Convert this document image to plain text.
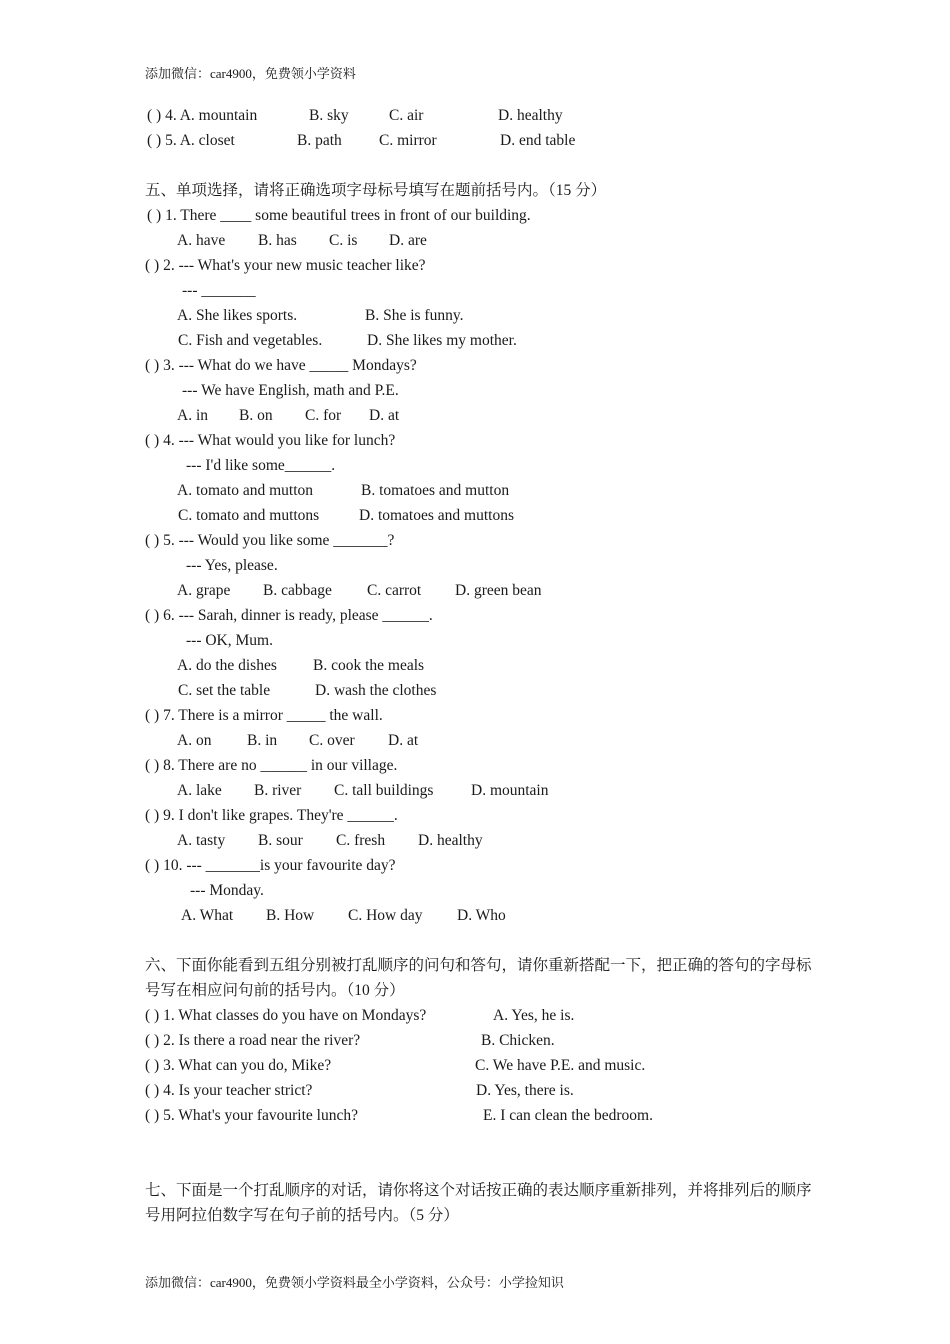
添加微信：car4900，免费领小学资料
( ) 4. A. mountain	B. sky	C. air	D. healthy
( ) 5. A. closet	B. path C. mirror	D. end table
五、单项选择，请将正确选项字母标号填写在题前括号内。（15 分）
( ) 1. There ____ some beautiful trees in front of our building.
A. have B. has C. is D. are
( ) 2. --- What's your new music teacher like?
--- _______
A. She likes sports.	B. She is funny.
C. Fish and vegetables.	D. She likes my mother.
( ) 3. --- What do we have _____ Mondays?
--- We have English, math and P.E.
A. in B. on C. for D. at
( ) 4. --- What would you like for lunch?
--- I'd like some______.
A. tomato and mutton	B. tomatoes and mutton
C. tomato and muttons	D. tomatoes and muttons
( ) 5. --- Would you like some _______?
--- Yes, please.
A. grape B. cabbage C. carrot D. green bean
( ) 6. --- Sarah, dinner is ready, please ______.
--- OK, Mum.
A. do the dishes B. cook the meals
C. set the table	D. wash the clothes
( ) 7. There is a mirror _____ the wall.
A. on B. in C. over D. at
( ) 8. There are no ______ in our village.
A. lake B. river C. tall buildings D. mountain
( ) 9. I don't like grapes. They're ______.
A. tasty B. sour C. fresh D. healthy
( ) 10. --- _______is your favourite day?
--- Monday.
A. What B. How C. How day D. Who
六、下面你能看到五组分别被打乱顺序的问句和答句，请你重新搭配一下，把正确的答句的字母标号写在相应问句前的括号内。（10 分）
( ) 1. What classes do you have on Mondays?	A. Yes, he is.
( ) 2. Is there a road near the river?	B. Chicken.
( ) 3. What can you do, Mike?	C. We have P.E. and music.
( ) 4. Is your teacher strict?	D. Yes, there is.
( ) 5. What's your favourite lunch?	E. I can clean the bedroom.
七、下面是一个打乱顺序的对话，请你将这个对话按正确的表达顺序重新排列，并将排列后的顺序号用阿拉伯数字写在句子前的括号内。（5 分）
添加微信：car4900，免费领小学资料最全小学资料，公众号：小学捡知识
